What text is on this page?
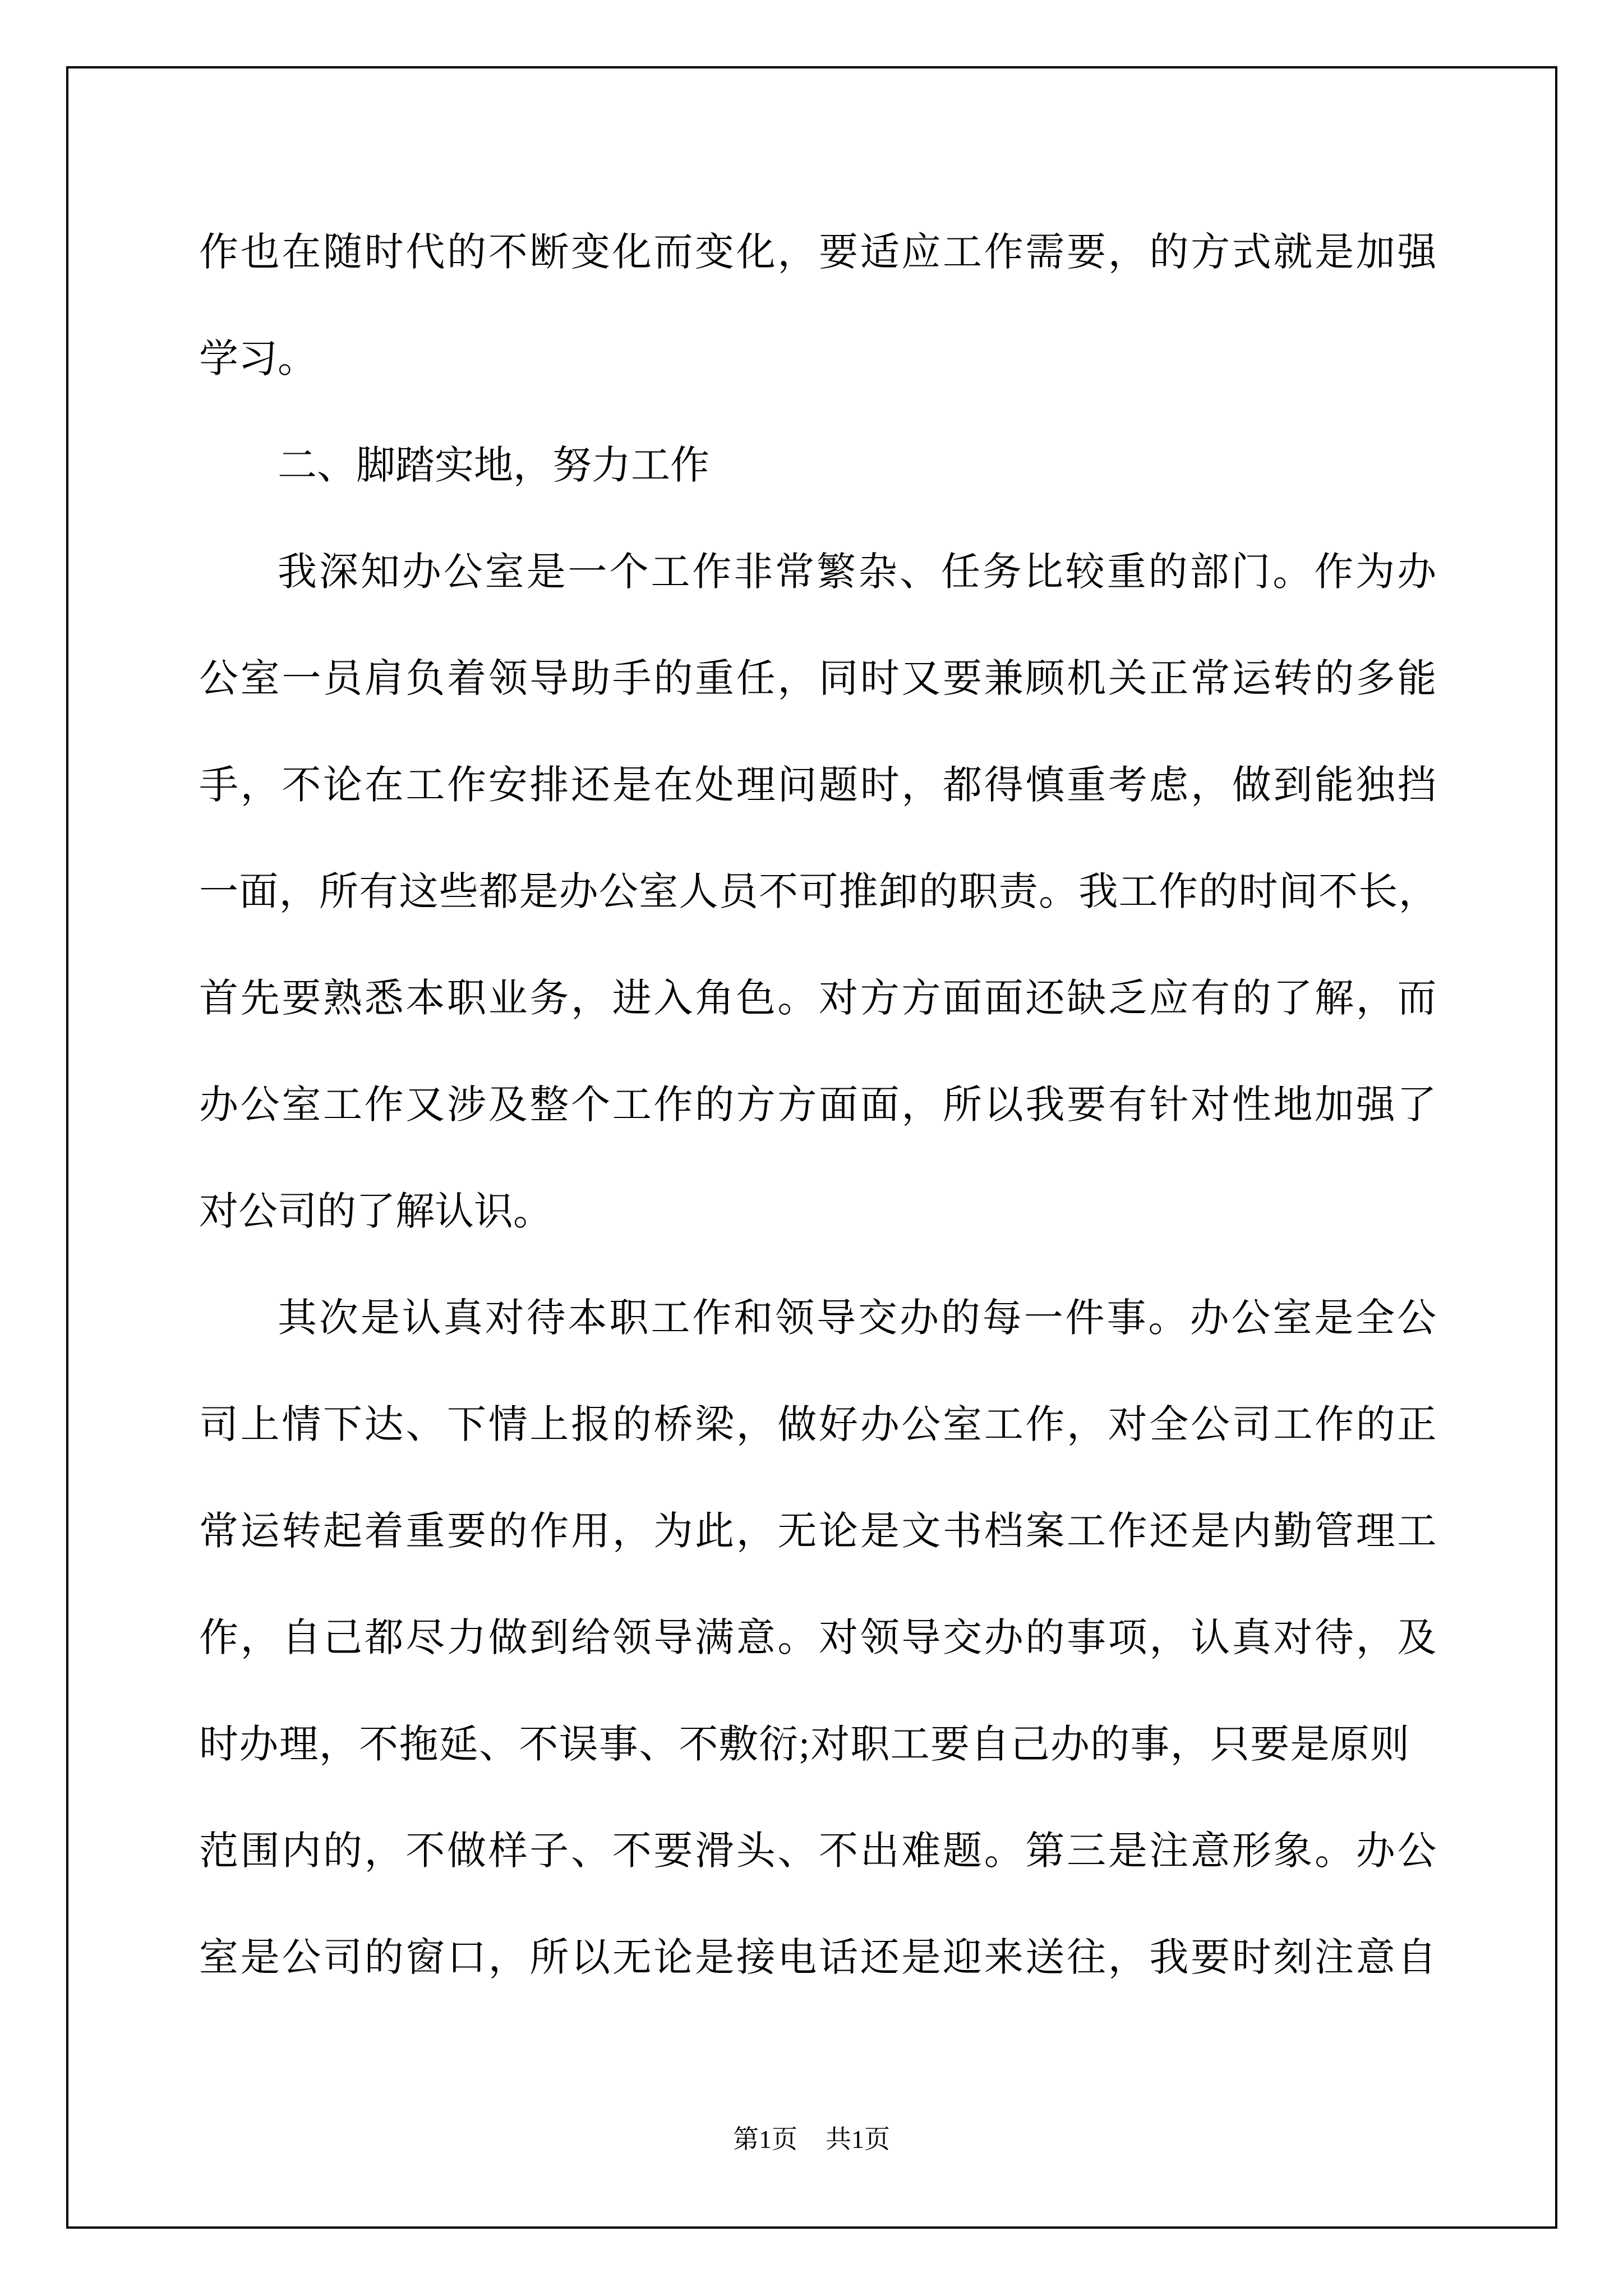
作也在随时代的不断变化而变化，要适应工作需要，的方式就是加强
学习。
二、脚踏实地，努力工作
我深知办公室是一个工作非常繁杂、任务比较重的部门。作为办
公室一员肩负着领导助手的重任，同时又要兼顾机关正常运转的多能
手，不论在工作安排还是在处理问题时，都得慎重考虑，做到能独挡
一面，所有这些都是办公室人员不可推卸的职责。我工作的时间不长，
首先要熟悉本职业务，进入角色。对方方面面还缺乏应有的了解，而
办公室工作又涉及整个工作的方方面面，所以我要有针对性地加强了
对公司的了解认识。
其次是认真对待本职工作和领导交办的每一件事。办公室是全公
司上情下达、下情上报的桥梁，做好办公室工作，对全公司工作的正
常运转起着重要的作用，为此，无论是文书档案工作还是内勤管理工
作，自己都尽力做到给领导满意。对领导交办的事项，认真对待，及
时办理，不拖延、不误事、不敷衍;对职工要自己办的事，只要是原则
范围内的，不做样子、不要滑头、不出难题。第三是注意形象。办公
室是公司的窗口，所以无论是接电话还是迎来送往，我要时刻注意自
第1页 共1页
